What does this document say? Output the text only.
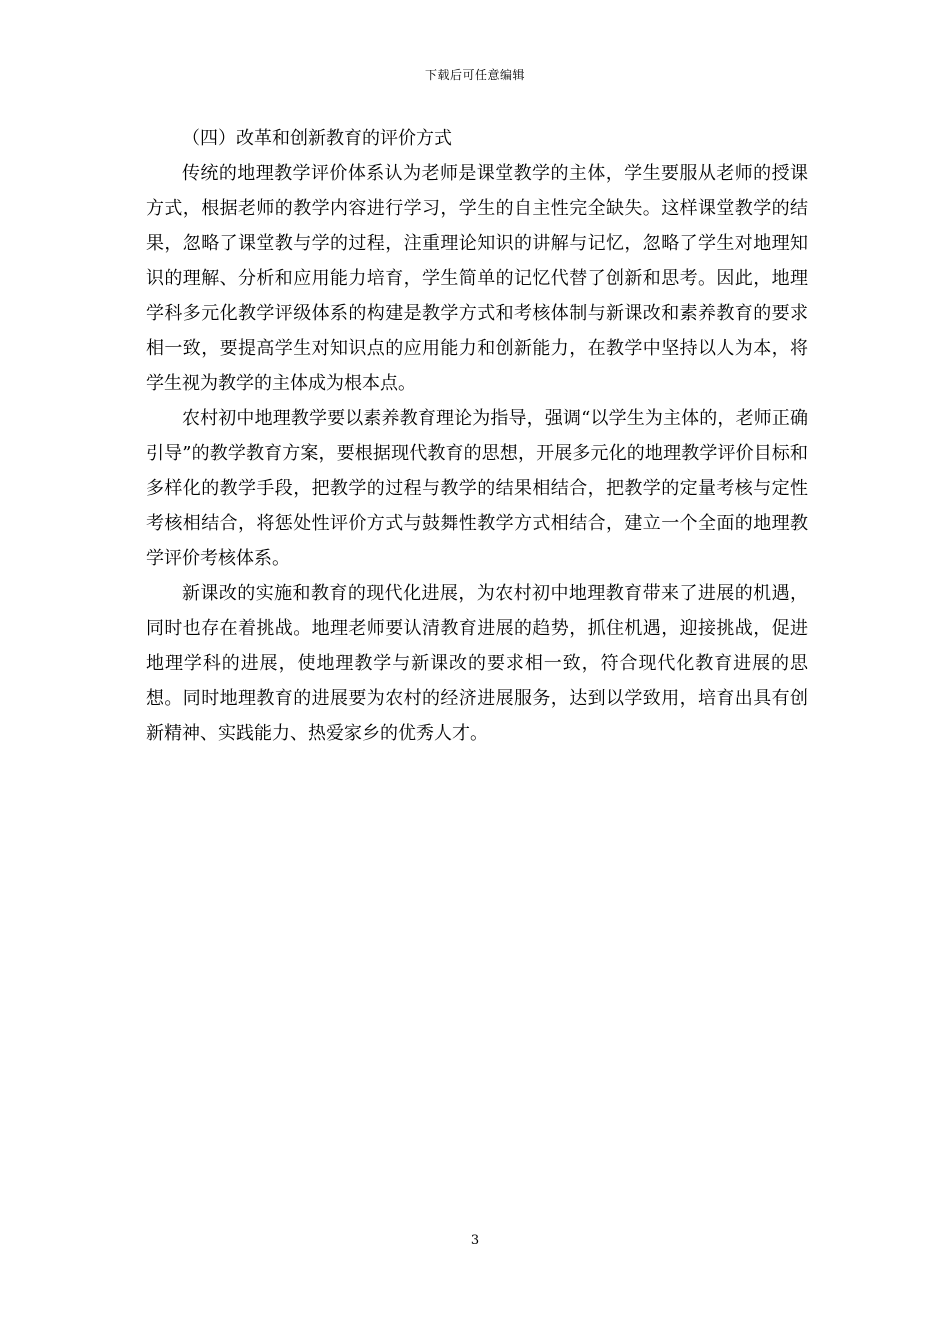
下载后可任意编辑

（四）改革和创新教育的评价方式

传统的地理教学评价体系认为老师是课堂教学的主体，学生要服从老师的授课方式，根据老师的教学内容进行学习，学生的自主性完全缺失。这样课堂教学的结果，忽略了课堂教与学的过程，注重理论知识的讲解与记忆，忽略了学生对地理知识的理解、分析和应用能力培育，学生简单的记忆代替了创新和思考。因此，地理学科多元化教学评级体系的构建是教学方式和考核体制与新课改和素养教育的要求相一致，要提高学生对知识点的应用能力和创新能力，在教学中坚持以人为本，将学生视为教学的主体成为根本点。

农村初中地理教学要以素养教育理论为指导，强调“以学生为主体的，老师正确引导”的教学教育方案，要根据现代教育的思想，开展多元化的地理教学评价目标和多样化的教学手段，把教学的过程与教学的结果相结合，把教学的定量考核与定性考核相结合，将惩处性评价方式与鼓舞性教学方式相结合，建立一个全面的地理教学评价考核体系。

新课改的实施和教育的现代化进展，为农村初中地理教育带来了进展的机遇，同时也存在着挑战。地理老师要认清教育进展的趋势，抓住机遇，迎接挑战，促进地理学科的进展，使地理教学与新课改的要求相一致，符合现代化教育进展的思想。同时地理教育的进展要为农村的经济进展服务，达到以学致用，培育出具有创新精神、实践能力、热爱家乡的优秀人才。

3
